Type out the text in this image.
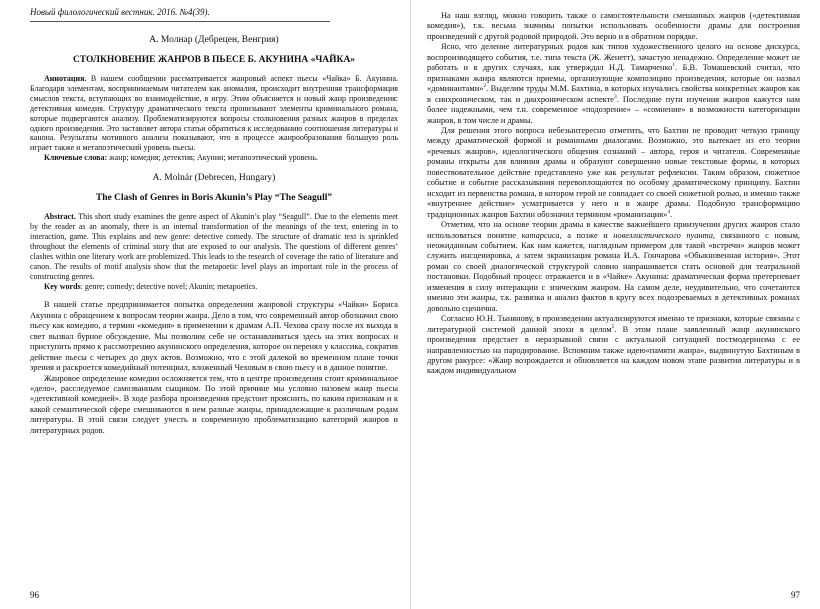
Новый филологический вестник. 2016. №4(39).
А. Молнар (Дебрецен, Венгрия)
СТОЛКНОВЕНИЕ ЖАНРОВ В ПЬЕСЕ Б. АКУНИНА «ЧАЙКА»

Аннотация. В нашем сообщении рассматривается жанровый аспект пьесы «Чайка» Б. Акунина. Благодаря элементам, воспринимаемым читателем как аномалия, происходит внутренняя трансформация смыслов текста, вступающих во взаимодействие, в игру. Этим объясняется и новый жанр произведения: детективная комедия. Структуру драматического текста пронизывают элементы криминального романа, которые подвергаются анализу. Проблематизируются вопросы столкновения разных жанров в пределах одного произведения. Это заставляет автора статьи обратиться к исследованию соотношения литературы и канона. Результаты мотивного анализа показывают, что в процессе жанрообразования большую роль играет также и метапоэтический уровень пьесы.

Ключевые слова: жанр; комедия; детектив; Акунин; метапоэтический уровень.

A. Molnár (Debrecen, Hungary)
The Clash of Genres in Boris Akunin’s Play “The Seagull”

Abstract. This short study examines the genre aspect of Akunin’s play “Seagull”. Due to the elements meet by the reader as an anomaly, there is an internal transformation of the meanings of the text, entering in to interaction, game. This explains and new genre: detective comedy. The structure of dramatic text is sprinkled throughout the elements of criminal story that are exposed to our analysis. The questions of different genres’ clashes within one literary work are problemized. This leads to the research of coverage the ratio of literature and canon. The results of motif analysis show that the metapoetic level plays an important role in the process of constructing genres.

Key words: genre; comedy; detective novel; Akunin; metapoetics.

В нашей статье предпринимается попытка определения жанровой структуры «Чайки» Бориса Акунина с обращением к вопросам теории жанра. Дело в том, что современный автор обозначил свою пьесу как комедию, а термин «комедия» в применении к драмам А.П. Чехова сразу после их выхода в свет вызвал бурное обсуждение. Мы позволим себе не останавливаться здесь на этих вопросах и приступить прямо к рассмотрению акунинского определения, которое он перенял у классика, сократив действие пьесы с четырех до двух актов. Возможно, что с этой далекой во временном плане точки зрения и раскроется комедийный потенциал, вложенный Чеховым в свою пьесу и в данное понятие.

Жанровое определение комедии осложняется тем, что в центре произведения стоит криминальное «дело», расследуемое самозванным сыщиком. По этой причине мы условно назовем жанр пьесы «детективной комедией». В ходе разбора произведения предстоит прояснить, по каким признакам и к какой семантической сфере смешиваются в нем разные жанры, принадлежащие к различным родам литературы. В этой связи следует учесть и современную проблематизацию категорий жанров и литературных родов.

96

На наш взгляд, можно говорить также о самостоятельности смешанных жанров («детективная комедия»), т.к. весьма значимы попытки использовать особенности драмы для построения произведений с другой родовой природой. Это верно и в обратном порядке.

Ясно, что деление литературных родов как типов художественного целого на основе дискурса, воспроизводящего события, т.е. типа текста (Ж. Женетт), зачастую ненадежно. Определение может не работать и в других случаях, как утверждал Н.Д. Тамарченко$^1$. Б.В. Томашевский считал, что признаками жанра являются приемы, организующие композицию произведения, которые он назвал «доминантами»$^2$. Выделим труды М.М. Бахтина, в которых изучались свойства конкретных жанров как в синхроническом, так и диахроническом аспекте$^3$. Последние пути изучения жанров кажутся нам более надежными, чем т.н. современное «подозрение» – «сомнение» в возможности категоризации жанров, в том числе и драмы.

Для решения этого вопроса небезынтересно отметить, что Бахтин не проводит четкую границу между драматической формой и романными диалогами. Возможно, это вытекает из его теории «речевых жанров», идеологического общения сознаний – автора, героя и читателя. Современные романы открыты для влияния драмы и образуют совершенно новые текстовые формы, в которых повествовательное действие представлено уже как результат рефлексии. Таким образом, сюжетное событие и событие рассказывания перевоплощаются по особому драматическому принципу. Бахтин исходит из первенства романа, в котором герой не совпадает со своей сюжетной ролью, и именно также «внутреннее действие» усматривается у него и в жанре драмы. Подобную трансформацию традиционных жанров Бахтин обозначил термином «романизация»$^4$.

Отметим, что на основе теории драмы в качестве важнейшего приизучении других жанров стало использоваться понятие катарсиса, а позже и новеллистического пуанта, связанного с новым, неожиданным событием. Как нам кажется, наглядным примером для такой «встречи» жанров может служить инсценировка, а затем экранизация романа И.А. Гончарова «Обыкновенная история». Этот роман со своей диалогической структурой словно напрашивается стать основой для театральной постановки. Подобный процесс отражается и в «Чайке» Акунина: драматическая форма претерпевает изменения в силу интеракции с эпическим жанром. На самом деле, неудивительно, что сочетаются именно эти жанры, т.к. развязка и анализ фактов в кругу всех подозреваемых в детективных романах довольно сценична.

Согласно Ю.Н. Тынянову, в произведении актуализируются именно те признаки, которые связаны с литературной системой данной эпохи в целом$^5$. В этом плане заявленный жанр акунинского произведения предстает в неразрывной связи с актуальной ситуацией постмодернизма с ее направленностью на пародирование. Вспомним также идею«памяти жанра», выдвинутую Бахтиным в другом ракурсе: «Жанр возрождается и обновляется на каждом новом этапе развития литературы и в каждом индивидуальном

97
